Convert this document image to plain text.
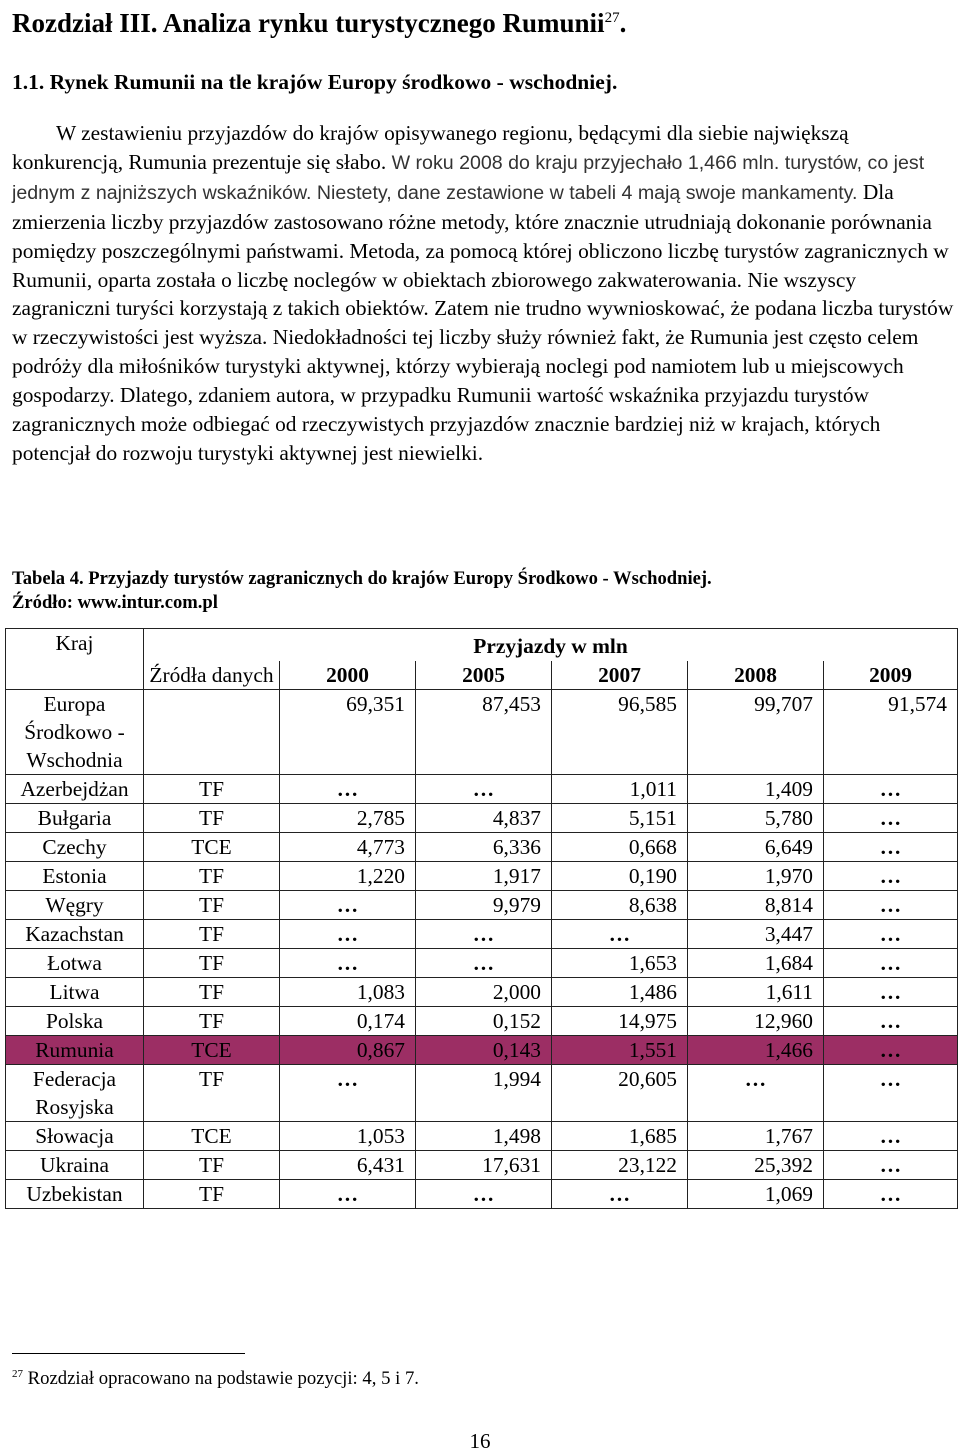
Rozdział III. Analiza rynku turystycznego Rumunii$^{27}$.
1.1. Rynek Rumunii na tle krajów Europy środkowo - wschodniej.

W zestawieniu przyjazdów do krajów opisywanego regionu, będącymi dla siebie największą konkurencją, Rumunia prezentuje się słabo. W roku 2008 do kraju przyjechało 1,466 mln. turystów, co jest jednym z najniższych wskaźników. Niestety, dane zestawione w tabeli 4 mają swoje mankamenty. Dla zmierzenia liczby przyjazdów zastosowano różne metody, które znacznie utrudniają dokonanie porównania pomiędzy poszczególnymi państwami. Metoda, za pomocą której obliczono liczbę turystów zagranicznych w Rumunii, oparta została o liczbę noclegów w obiektach zbiorowego zakwaterowania. Nie wszyscy zagraniczni turyści korzystają z takich obiektów. Zatem nie trudno wywnioskować, że podana liczba turystów w rzeczywistości jest wyższa. Niedokładności tej liczby służy również fakt, że Rumunia jest często celem podróży dla miłośników turystyki aktywnej, którzy wybierają noclegi pod namiotem lub u miejscowych gospodarzy. Dlatego, zdaniem autora, w przypadku Rumunii wartość wskaźnika przyjazdu turystów zagranicznych może odbiegać od rzeczywistych przyjazdów znacznie bardziej niż w krajach, których potencjał do rozwoju turystyki aktywnej jest niewielki.

Tabela 4. Przyjazdy turystów zagranicznych do krajów Europy Środkowo - Wschodniej.
Źródło: www.intur.com.pl
Kraj	Przyjazdy w mln					
	Źródła danych	2000	2005	2007	2008	2009
Europa Środkowo - Wschodnia		69,351	87,453	96,585	99,707	91,574
Azerbejdżan	TF	…	…	1,011	1,409	…
Bułgaria	TF	2,785	4,837	5,151	5,780	…
Czechy	TCE	4,773	6,336	0,668	6,649	…
Estonia	TF	1,220	1,917	0,190	1,970	…
Węgry	TF	…	9,979	8,638	8,814	…
Kazachstan	TF	…	…	…	3,447	…
Łotwa	TF	…	…	1,653	1,684	…
Litwa	TF	1,083	2,000	1,486	1,611	…
Polska	TF	0,174	0,152	14,975	12,960	…
Rumunia	TCE	0,867	0,143	1,551	1,466	…
Federacja Rosyjska	TF	…	1,994	20,605	…	…
Słowacja	TCE	1,053	1,498	1,685	1,767	…
Ukraina	TF	6,431	17,631	23,122	25,392	…
Uzbekistan	TF	…	…	…	1,069	…

$^{27}$ Rozdział opracowano na podstawie pozycji: 4, 5 i 7.

16
